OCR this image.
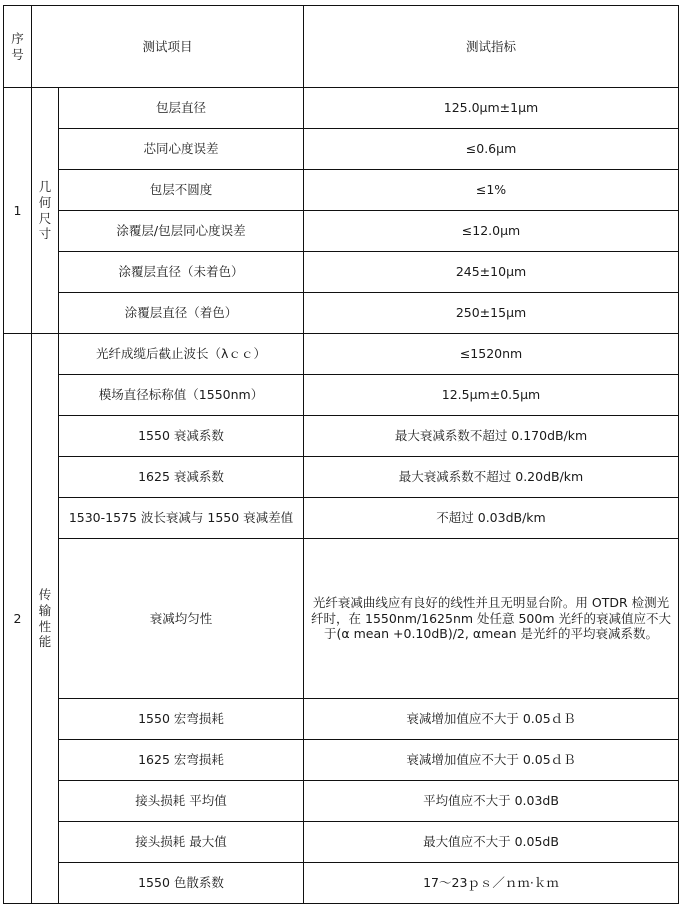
序
号	测试项目		测试指标
1	几
何
尺
寸	包层直径	125.0μm±1μm
		芯同心度误差	≤0.6μm
		包层不圆度	≤1%
		涂覆层/包层同心度误差	≤12.0μm
		涂覆层直径（未着色）	245±10μm
		涂覆层直径（着色）	250±15μm
2	传
输
性
能	光纤成缆后截止波长（λｃｃ）	≤1520nm
		模场直径标称值（1550nm）	12.5μm±0.5μm
		1550 衰减系数	最大衰减系数不超过 0.170dB/km
		1625 衰减系数	最大衰减系数不超过 0.20dB/km
		1530-1575 波长衰减与 1550 衰减差值	不超过 0.03dB/km
		衰减均匀性	光纤衰减曲线应有良好的线性并且无明显台阶。用 OTDR 检测光纤时，在 1550nm/1625nm 处任意 500m 光纤的衰减值应不大于(α mean +0.10dB)/2, αmean 是光纤的平均衰减系数。
		1550 宏弯损耗	衰减增加值应不大于 0.05ｄＢ
		1625 宏弯损耗	衰减增加值应不大于 0.05ｄＢ
		接头损耗 平均值	平均值应不大于 0.03dB
		接头损耗 最大值	最大值应不大于 0.05dB
		1550 色散系数	17～23ｐｓ／ｎｍ·ｋｍ
